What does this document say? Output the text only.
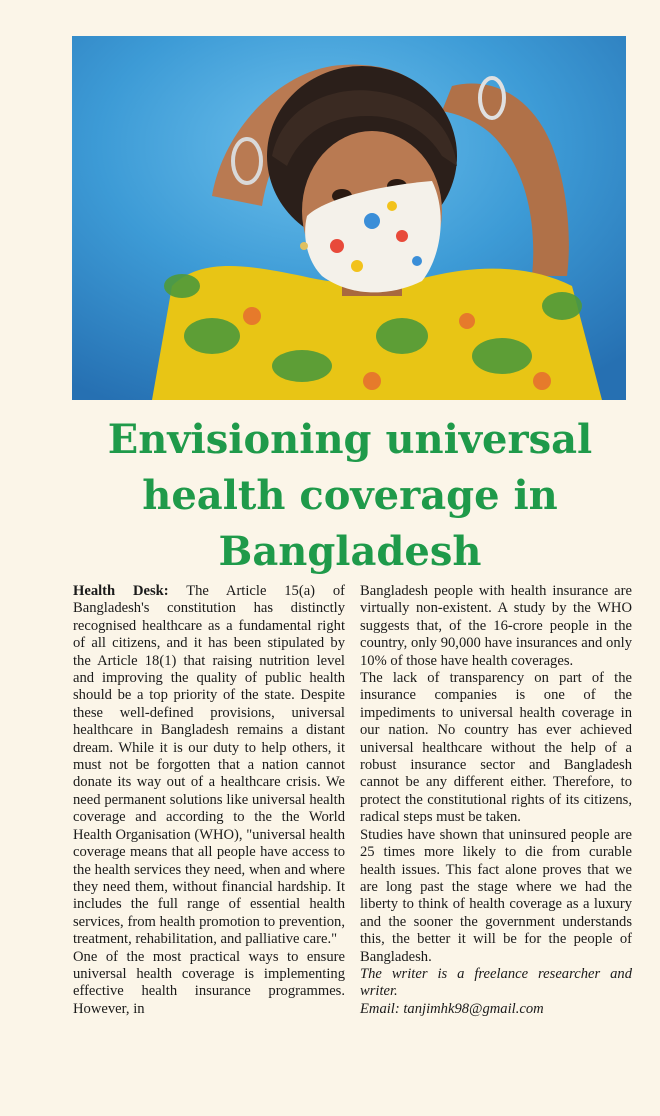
Envisioning universal
health coverage in
Bangladesh

Health Desk: The Article 15(a) of Bangladesh's constitution has distinctly recognised healthcare as a fundamental right of all citizens, and it has been stipulated by the Article 18(1) that raising nutrition level and improving the quality of public health should be a top priority of the state. Despite these well-defined provisions, universal healthcare in Bangladesh remains a distant dream. While it is our duty to help others, it must not be forgotten that a nation cannot donate its way out of a healthcare crisis. We need permanent solutions like universal health coverage and according to the the World Health Organisation (WHO), "universal health coverage means that all people have access to the health services they need, when and where they need them, without financial hardship. It includes the full range of essential health services, from health promotion to prevention, treatment, rehabilitation, and palliative care."

One of the most practical ways to ensure universal health coverage is implementing effective health insurance programmes. However, in

Bangladesh people with health insurance are virtually non-existent. A study by the WHO suggests that, of the 16-crore people in the country, only 90,000 have insurances and only 10% of those have health coverages.

The lack of transparency on part of the insurance companies is one of the impediments to universal health coverage in our nation. No country has ever achieved universal healthcare without the help of a robust insurance sector and Bangladesh cannot be any different either. Therefore, to protect the constitutional rights of its citizens, radical steps must be taken.

Studies have shown that uninsured people are 25 times more likely to die from curable health issues. This fact alone proves that we are long past the stage where we had the liberty to think of health coverage as a luxury and the sooner the government understands this, the better it will be for the people of Bangladesh.

The writer is a freelance researcher and writer.

Email: tanjimhk98@gmail.com
